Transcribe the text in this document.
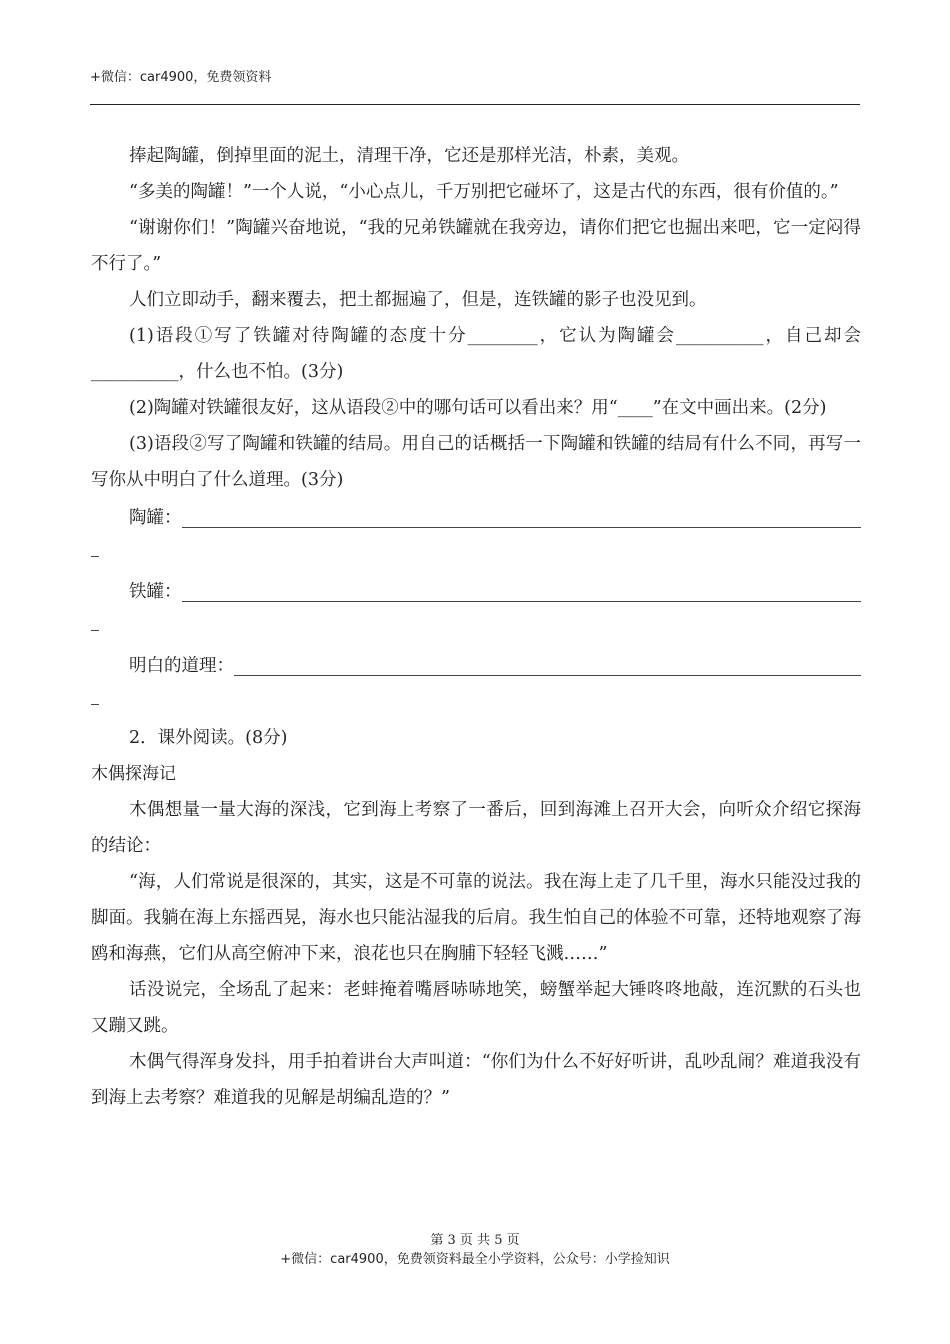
+微信：car4900，免费领资料

捧起陶罐，倒掉里面的泥土，清理干净，它还是那样光洁，朴素，美观。

“多美的陶罐！”一个人说，“小心点儿，千万别把它碰坏了，这是古代的东西，很有价值的。”

“谢谢你们！”陶罐兴奋地说，“我的兄弟铁罐就在我旁边，请你们把它也掘出来吧，它一定闷得不行了。”

人们立即动手，翻来覆去，把土都掘遍了，但是，连铁罐的影子也没见到。

(1)语段①写了铁罐对待陶罐的态度十分________，它认为陶罐会__________，自己却会__________，什么也不怕。(3分)

(2)陶罐对铁罐很友好，这从语段②中的哪句话可以看出来？用“____”在文中画出来。(2分)

(3)语段②写了陶罐和铁罐的结局。用自己的话概括一下陶罐和铁罐的结局有什么不同，再写一写你从中明白了什么道理。(3分)

陶罐：
铁罐：
明白的道理：

2．课外阅读。(8分)

木偶探海记

木偶想量一量大海的深浅，它到海上考察了一番后，回到海滩上召开大会，向听众介绍它探海的结论：

“海，人们常说是很深的，其实，这是不可靠的说法。我在海上走了几千里，海水只能没过我的脚面。我躺在海上东摇西晃，海水也只能沾湿我的后肩。我生怕自己的体验不可靠，还特地观察了海鸥和海燕，它们从高空俯冲下来，浪花也只在胸脯下轻轻飞溅……”

话没说完，全场乱了起来：老蚌掩着嘴唇哧哧地笑，螃蟹举起大锤咚咚地敲，连沉默的石头也又蹦又跳。

木偶气得浑身发抖，用手拍着讲台大声叫道：“你们为什么不好好听讲，乱吵乱闹？难道我没有到海上去考察？难道我的见解是胡编乱造的？”

第 3 页 共 5 页
+微信：car4900，免费领资料最全小学资料，公众号：小学捡知识
